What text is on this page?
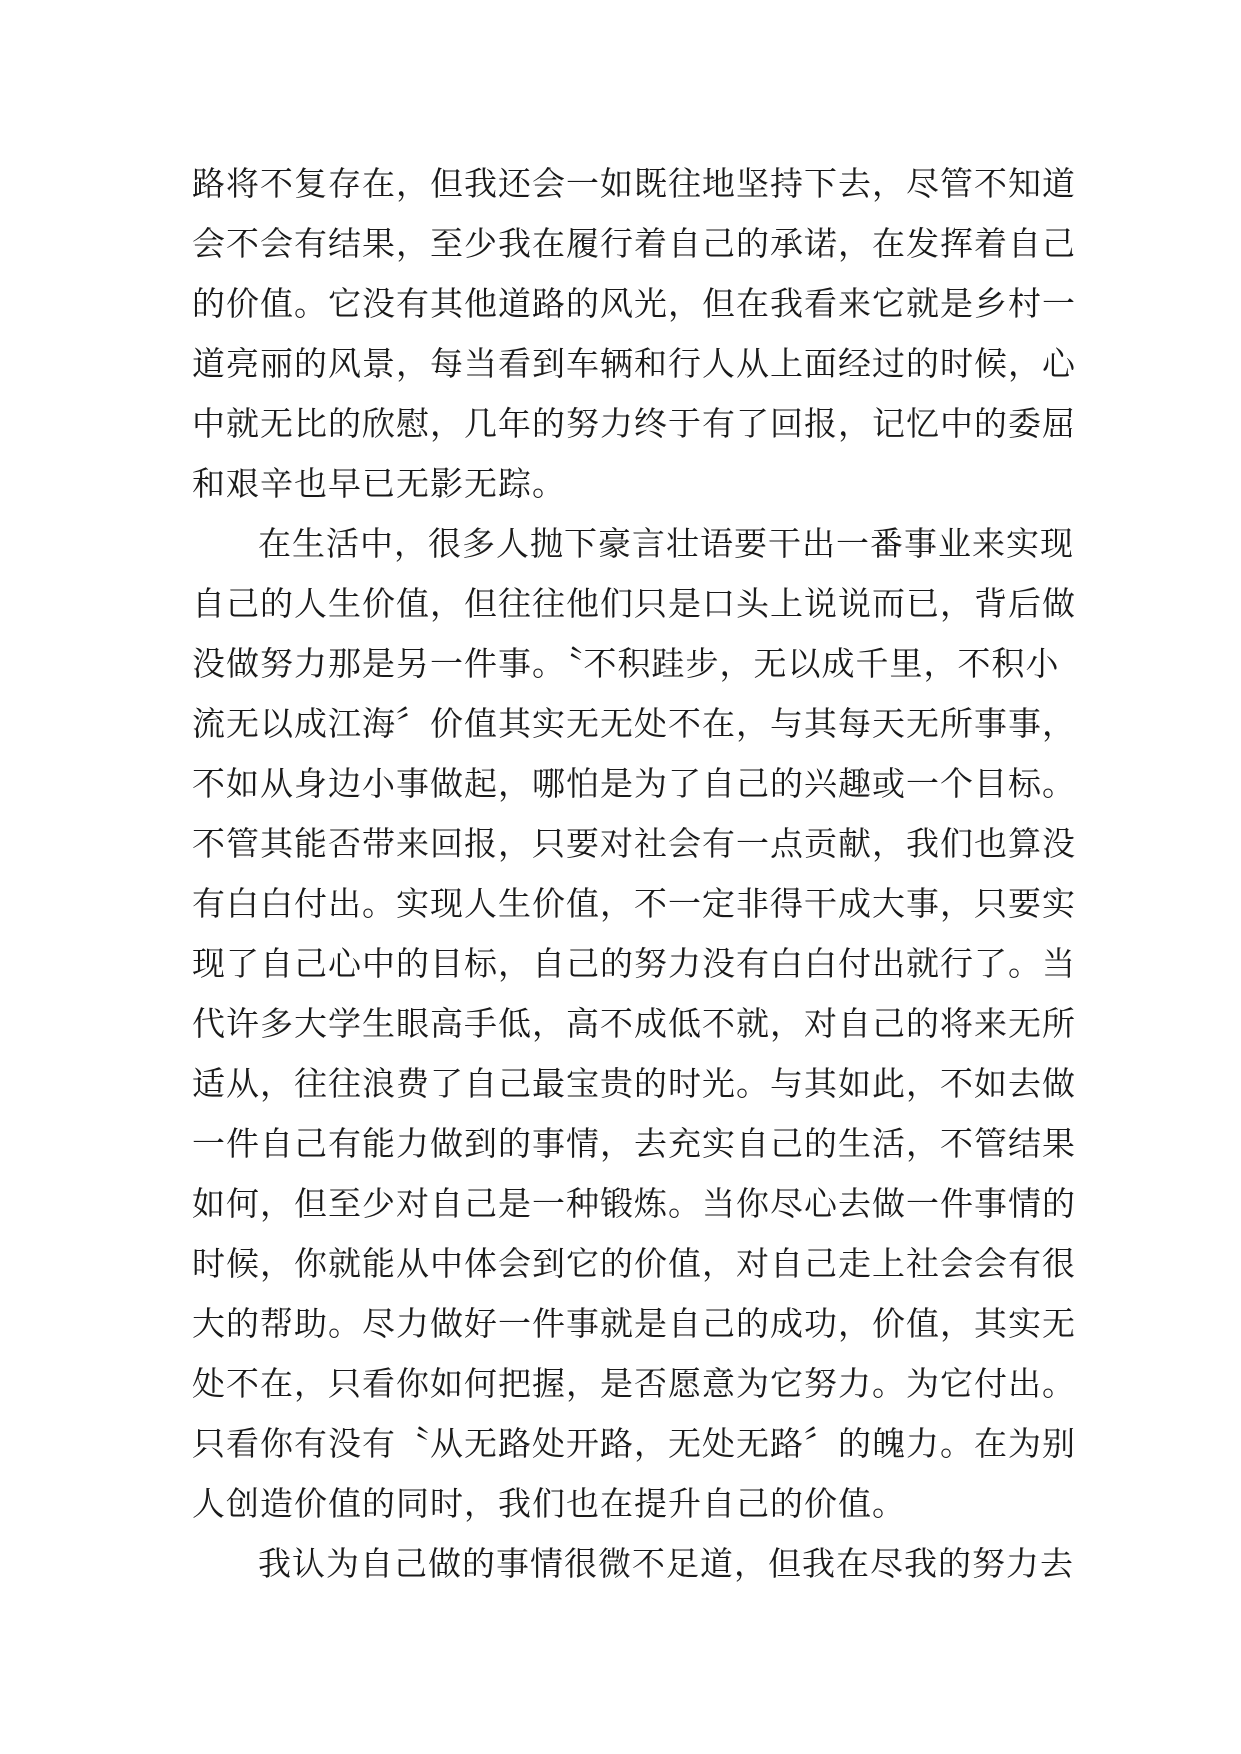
路将不复存在，但我还会一如既往地坚持下去，尽管不知道
会不会有结果，至少我在履行着自己的承诺，在发挥着自己
的价值。它没有其他道路的风光，但在我看来它就是乡村一
道亮丽的风景，每当看到车辆和行人从上面经过的时候，心
中就无比的欣慰，几年的努力终于有了回报，记忆中的委屈
和艰辛也早已无影无踪。
在生活中，很多人抛下豪言壮语要干出一番事业来实现
自己的人生价值，但往往他们只是口头上说说而已，背后做
没做努力那是另一件事。〝不积跬步，无以成千里，不积小
流无以成江海〞价值其实无无处不在，与其每天无所事事，
不如从身边小事做起，哪怕是为了自己的兴趣或一个目标。
不管其能否带来回报，只要对社会有一点贡献，我们也算没
有白白付出。实现人生价值，不一定非得干成大事，只要实
现了自己心中的目标，自己的努力没有白白付出就行了。当
代许多大学生眼高手低，高不成低不就，对自己的将来无所
适从，往往浪费了自己最宝贵的时光。与其如此，不如去做
一件自己有能力做到的事情，去充实自己的生活，不管结果
如何，但至少对自己是一种锻炼。当你尽心去做一件事情的
时候，你就能从中体会到它的价值，对自己走上社会会有很
大的帮助。尽力做好一件事就是自己的成功，价值，其实无
处不在，只看你如何把握，是否愿意为它努力。为它付出。
只看你有没有〝从无路处开路，无处无路〞的魄力。在为别
人创造价值的同时，我们也在提升自己的价值。
我认为自己做的事情很微不足道，但我在尽我的努力去
